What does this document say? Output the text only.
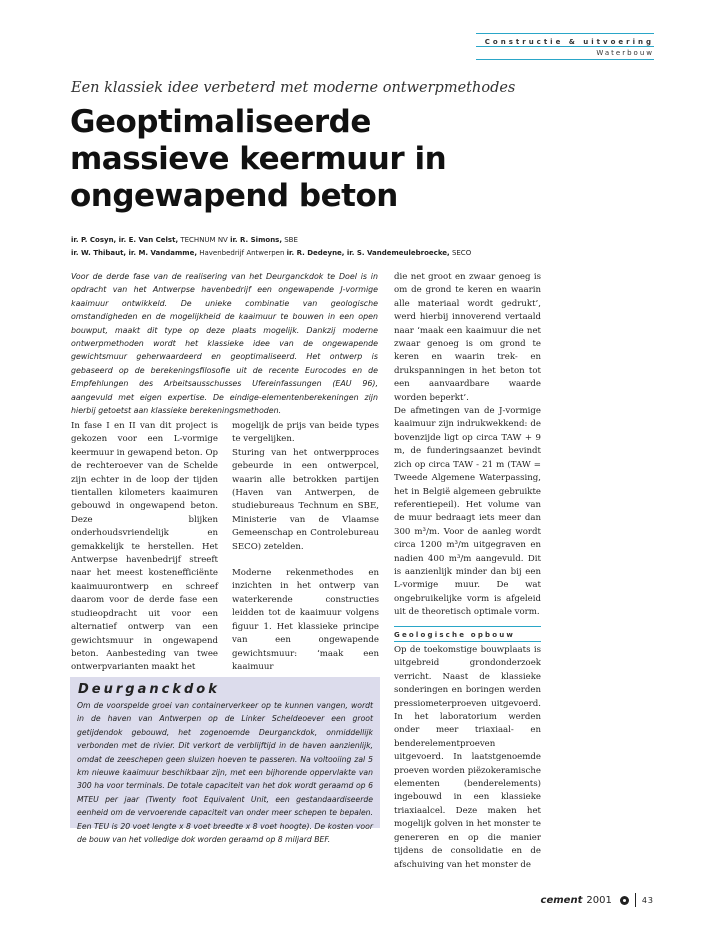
Constructie & uitvoering
Waterbouw
Een klassiek idee verbeterd met moderne ontwerpmethodes
Geoptimaliseerde massieve keermuur in ongewapend beton
ir. P. Cosyn, ir. E. Van Celst, TECHNUM NV ir. R. Simons, SBE
ir. W. Thibaut, ir. M. Vandamme, Havenbedrijf Antwerpen ir. R. Dedeyne, ir. S. Vandemeulebroecke, SECO
Voor de derde fase van de realisering van het Deurganckdok te Doel is in opdracht van het Antwerpse havenbedrijf een ongewapende J-vormige kaaimuur ontwikkeld. De unieke combinatie van geologische omstandigheden en de mogelijkheid de kaaimuur te bouwen in een open bouwput, maakt dit type op deze plaats mogelijk. Dankzij moderne ontwerpmethoden wordt het klassieke idee van de ongewapende gewichtsmuur geherwaardeerd en geoptimaliseerd. Het ontwerp is gebaseerd op de berekeningsfilosofie uit de recente Eurocodes en de Empfehlungen des Arbeitsausschusses Ufereinfassungen (EAU 96), aangevuld met eigen expertise. De eindige-elementenberekeningen zijn hierbij getoetst aan klassieke berekeningsmethoden.

In fase I en II van dit project is gekozen voor een L-vormige keermuur in gewapend beton. Op de rechteroever van de Schelde zijn echter in de loop der tijden tientallen kilometers kaaimuren gebouwd in ongewapend beton. Deze blijken onderhoudsvriendelijk en gemakkelijk te herstellen. Het Antwerpse havenbedrijf streeft naar het meest kostenefficiënte kaaimuurontwerp en schreef daarom voor de derde fase een studieopdracht uit voor een alternatief ontwerp van een gewichtsmuur in ongewapend beton. Aanbesteding van twee ontwerpvarianten maakt het

mogelijk de prijs van beide types te vergelijken.

Sturing van het ontwerpproces gebeurde in een ontwerpcel, waarin alle betrokken partijen (Haven van Antwerpen, de studiebureaus Technum en SBE, Ministerie van de Vlaamse Gemeenschap en Controlebureau SECO) zetelden.

Moderne rekenmethodes en inzichten in het ontwerp van waterkerende constructies leidden tot de kaaimuur volgens figuur 1. Het klassieke principe van een ongewapende gewichtsmuur: ‘maak een kaaimuur

die net groot en zwaar genoeg is om de grond te keren en waarin alle materiaal wordt gedrukt’, werd hierbij innoverend vertaald naar ‘maak een kaaimuur die net zwaar genoeg is om grond te keren en waarin trek- en drukspanningen in het beton tot een aanvaardbare waarde worden beperkt’.

De afmetingen van de J-vormige kaaimuur zijn indrukwekkend: de bovenzijde ligt op circa TAW + 9 m, de funderingsaanzet bevindt zich op circa TAW - 21 m (TAW = Tweede Algemene Waterpassing, het in België algemeen gebruikte referentiepeil). Het volume van de muur bedraagt iets meer dan 300 m³/m. Voor de aanleg wordt circa 1200 m³/m uitgegraven en nadien 400 m³/m aangevuld. Dit is aanzienlijk minder dan bij een L-vormige muur. De wat ongebruikelijke vorm is afgeleid uit de theoretisch optimale vorm.

Geologische opbouw

Op de toekomstige bouwplaats is uitgebreid grondonderzoek verricht. Naast de klassieke sonderingen en boringen werden pressiometerproeven uitgevoerd. In het laboratorium werden onder meer triaxiaal- en benderelementproeven uitgevoerd. In laatstgenoemde proeven worden piëzokeramische elementen (benderelements) ingebouwd in een klassieke triaxiaalcel. Deze maken het mogelijk golven in het monster te genereren en op die manier tijdens de consolidatie en de afschuiving van het monster de

Deurganckdok
Om de voorspelde groei van containerverkeer op te kunnen vangen, wordt in de haven van Antwerpen op de Linker Scheldeoever een groot getijdendok gebouwd, het zogenoemde Deurganckdok, onmiddellijk verbonden met de rivier. Dit verkort de verblijftijd in de haven aanzienlijk, omdat de zeeschepen geen sluizen hoeven te passeren. Na voltooiing zal 5 km nieuwe kaaimuur beschikbaar zijn, met een bijhorende oppervlakte van 300 ha voor terminals. De totale capaciteit van het dok wordt geraamd op 6 MTEU per jaar (Twenty foot Equivalent Unit, een gestandaardiseerde eenheid om de vervoerende capaciteit van onder meer schepen te bepalen. Een TEU is 20 voet lengte x 8 voet breedte x 8 voet hoogte). De kosten voor de bouw van het volledige dok worden geraamd op 8 miljard BEF.
cement 2001	43
